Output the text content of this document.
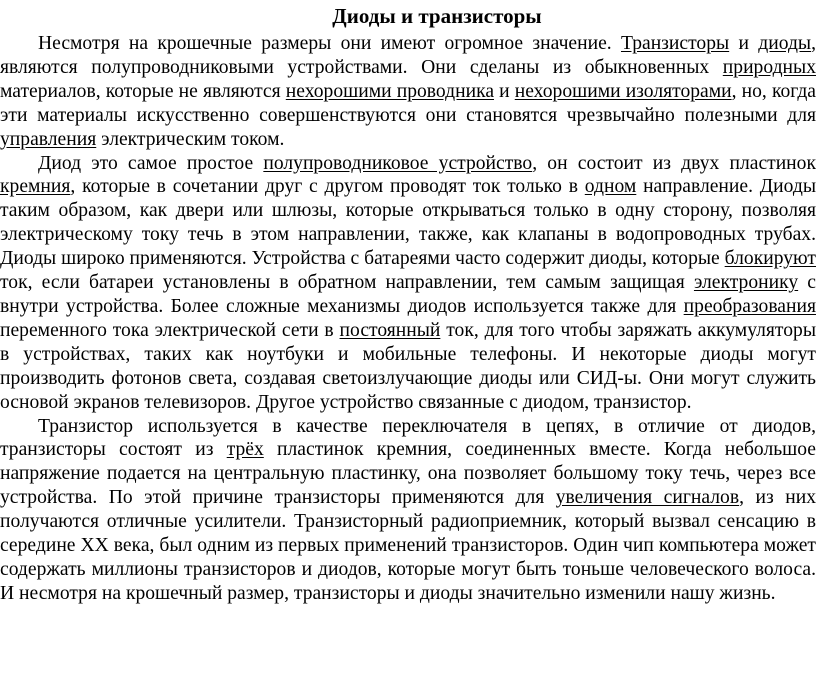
Диоды и транзисторы

Несмотря на крошечные размеры они имеют огромное значение. Транзисторы и диоды, являются полупроводниковыми устройствами. Они сделаны из обыкновенных природных материалов, которые не являются нехорошими проводника и нехорошими изоляторами, но, когда эти материалы искусственно совершенствуются они становятся чрезвычайно полезными для управления электрическим током.

Диод это самое простое полупроводниковое устройство, он состоит из двух пластинок кремния, которые в сочетании друг с другом проводят ток только в одном направление. Диоды таким образом, как двери или шлюзы, которые открываться только в одну сторону, позволяя электрическому току течь в этом направлении, также, как клапаны в водопроводных трубах. Диоды широко применяются. Устройства с батареями часто содержит диоды, которые блокируют ток, если батареи установлены в обратном направлении, тем самым защищая электронику с внутри устройства. Более сложные механизмы диодов используется также для преобразования переменного тока электрической сети в постоянный ток, для того чтобы заряжать аккумуляторы в устройствах, таких как ноутбуки и мобильные телефоны. И некоторые диоды могут производить фотонов света, создавая светоизлучающие диоды или СИД-ы. Они могут служить основой экранов телевизоров. Другое устройство связанные с диодом, транзистор.

Транзистор используется в качестве переключателя в цепях, в отличие от диодов, транзисторы состоят из трёх пластинок кремния, соединенных вместе. Когда небольшое напряжение подается на центральную пластинку, она позволяет большому току течь, через все устройства. По этой причине транзисторы применяются для увеличения сигналов, из них получаются отличные усилители. Транзисторный радиоприемник, который вызвал сенсацию в середине XX века, был одним из первых применений транзисторов. Один чип компьютера может содержать миллионы транзисторов и диодов, которые могут быть тоньше человеческого волоса. И несмотря на крошечный размер, транзисторы и диоды значительно изменили нашу жизнь.
